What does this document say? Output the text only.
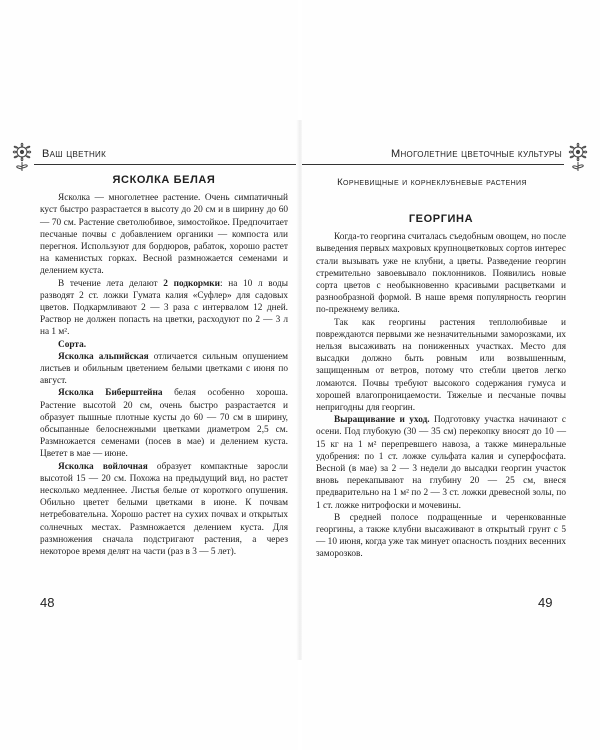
Ваш цветник
ЯСКОЛКА БЕЛАЯ

Ясколка — многолетнее растение. Очень симпатичный куст быстро разрастается в высоту до 20 см и в ширину до 60 — 70 см. Растение светолюбивое, зимостойкое. Предпочитает песчаные почвы с добавлением органики — компоста или перегноя. Используют для бордюров, рабаток, хорошо растет на каменистых горках. Весной размножается семенами и делением куста.

В течение лета делают 2 подкормки: на 10 л воды разводят 2 ст. ложки Гумата калия «Суфлер» для садовых цветов. Подкармливают 2 — 3 раза с интервалом 12 дней. Раствор не должен попасть на цветки, расходуют по 2 — 3 л на 1 м².

Сорта.

Ясколка альпийская отличается сильным опушением листьев и обильным цветением белыми цветками с июня по август.

Ясколка Биберштейна белая особенно хороша. Растение высотой 20 см, очень быстро разрастается и образует пышные плотные кусты до 60 — 70 см в ширину, обсыпанные белоснежными цветками диаметром 2,5 см. Размножается семенами (посев в мае) и делением куста. Цветет в мае — июне.

Ясколка войлочная образует компактные заросли высотой 15 — 20 см. Похожа на предыдущий вид, но растет несколько медленнее. Листья белые от короткого опушения. Обильно цветет белыми цветками в июне. К почвам нетребовательна. Хорошо растет на сухих почвах и открытых солнечных местах. Размножается делением куста. Для размножения сначала подстригают растения, а через некоторое время делят на части (раз в 3 — 5 лет).

48
Многолетние цветочные культуры
Корневищные и корнеклубневые растения
ГЕОРГИНА

Когда-то георгина считалась съедобным овощем, но после выведения первых махровых крупноцветковых сортов интерес стали вызывать уже не клубни, а цветы. Разведение георгин стремительно завоевывало поклонников. Появились новые сорта цветов с необыкновенно красивыми расцветками и разнообразной формой. В наше время популярность георгин по-прежнему велика.

Так как георгины растения теплолюбивые и повреждаются первыми же незначительными заморозками, их нельзя высаживать на пониженных участках. Место для высадки должно быть ровным или возвышенным, защищенным от ветров, потому что стебли цветов легко ломаются. Почвы требуют высокого содержания гумуса и хорошей влагопроницаемости. Тяжелые и песчаные почвы непригодны для георгин.

Выращивание и уход. Подготовку участка начинают с осени. Под глубокую (30 — 35 см) перекопку вносят до 10 — 15 кг на 1 м² перепревшего навоза, а также минеральные удобрения: по 1 ст. ложке сульфата калия и суперфосфата. Весной (в мае) за 2 — 3 недели до высадки георгин участок вновь перекапывают на глубину 20 — 25 см, внеся предварительно на 1 м² по 2 — 3 ст. ложки древесной золы, по 1 ст. ложке нитрофоски и мочевины.

В средней полосе подращенные и черенкованные георгины, а также клубни высаживают в открытый грунт с 5 — 10 июня, когда уже так минует опасность поздних весенних заморозков.

49
